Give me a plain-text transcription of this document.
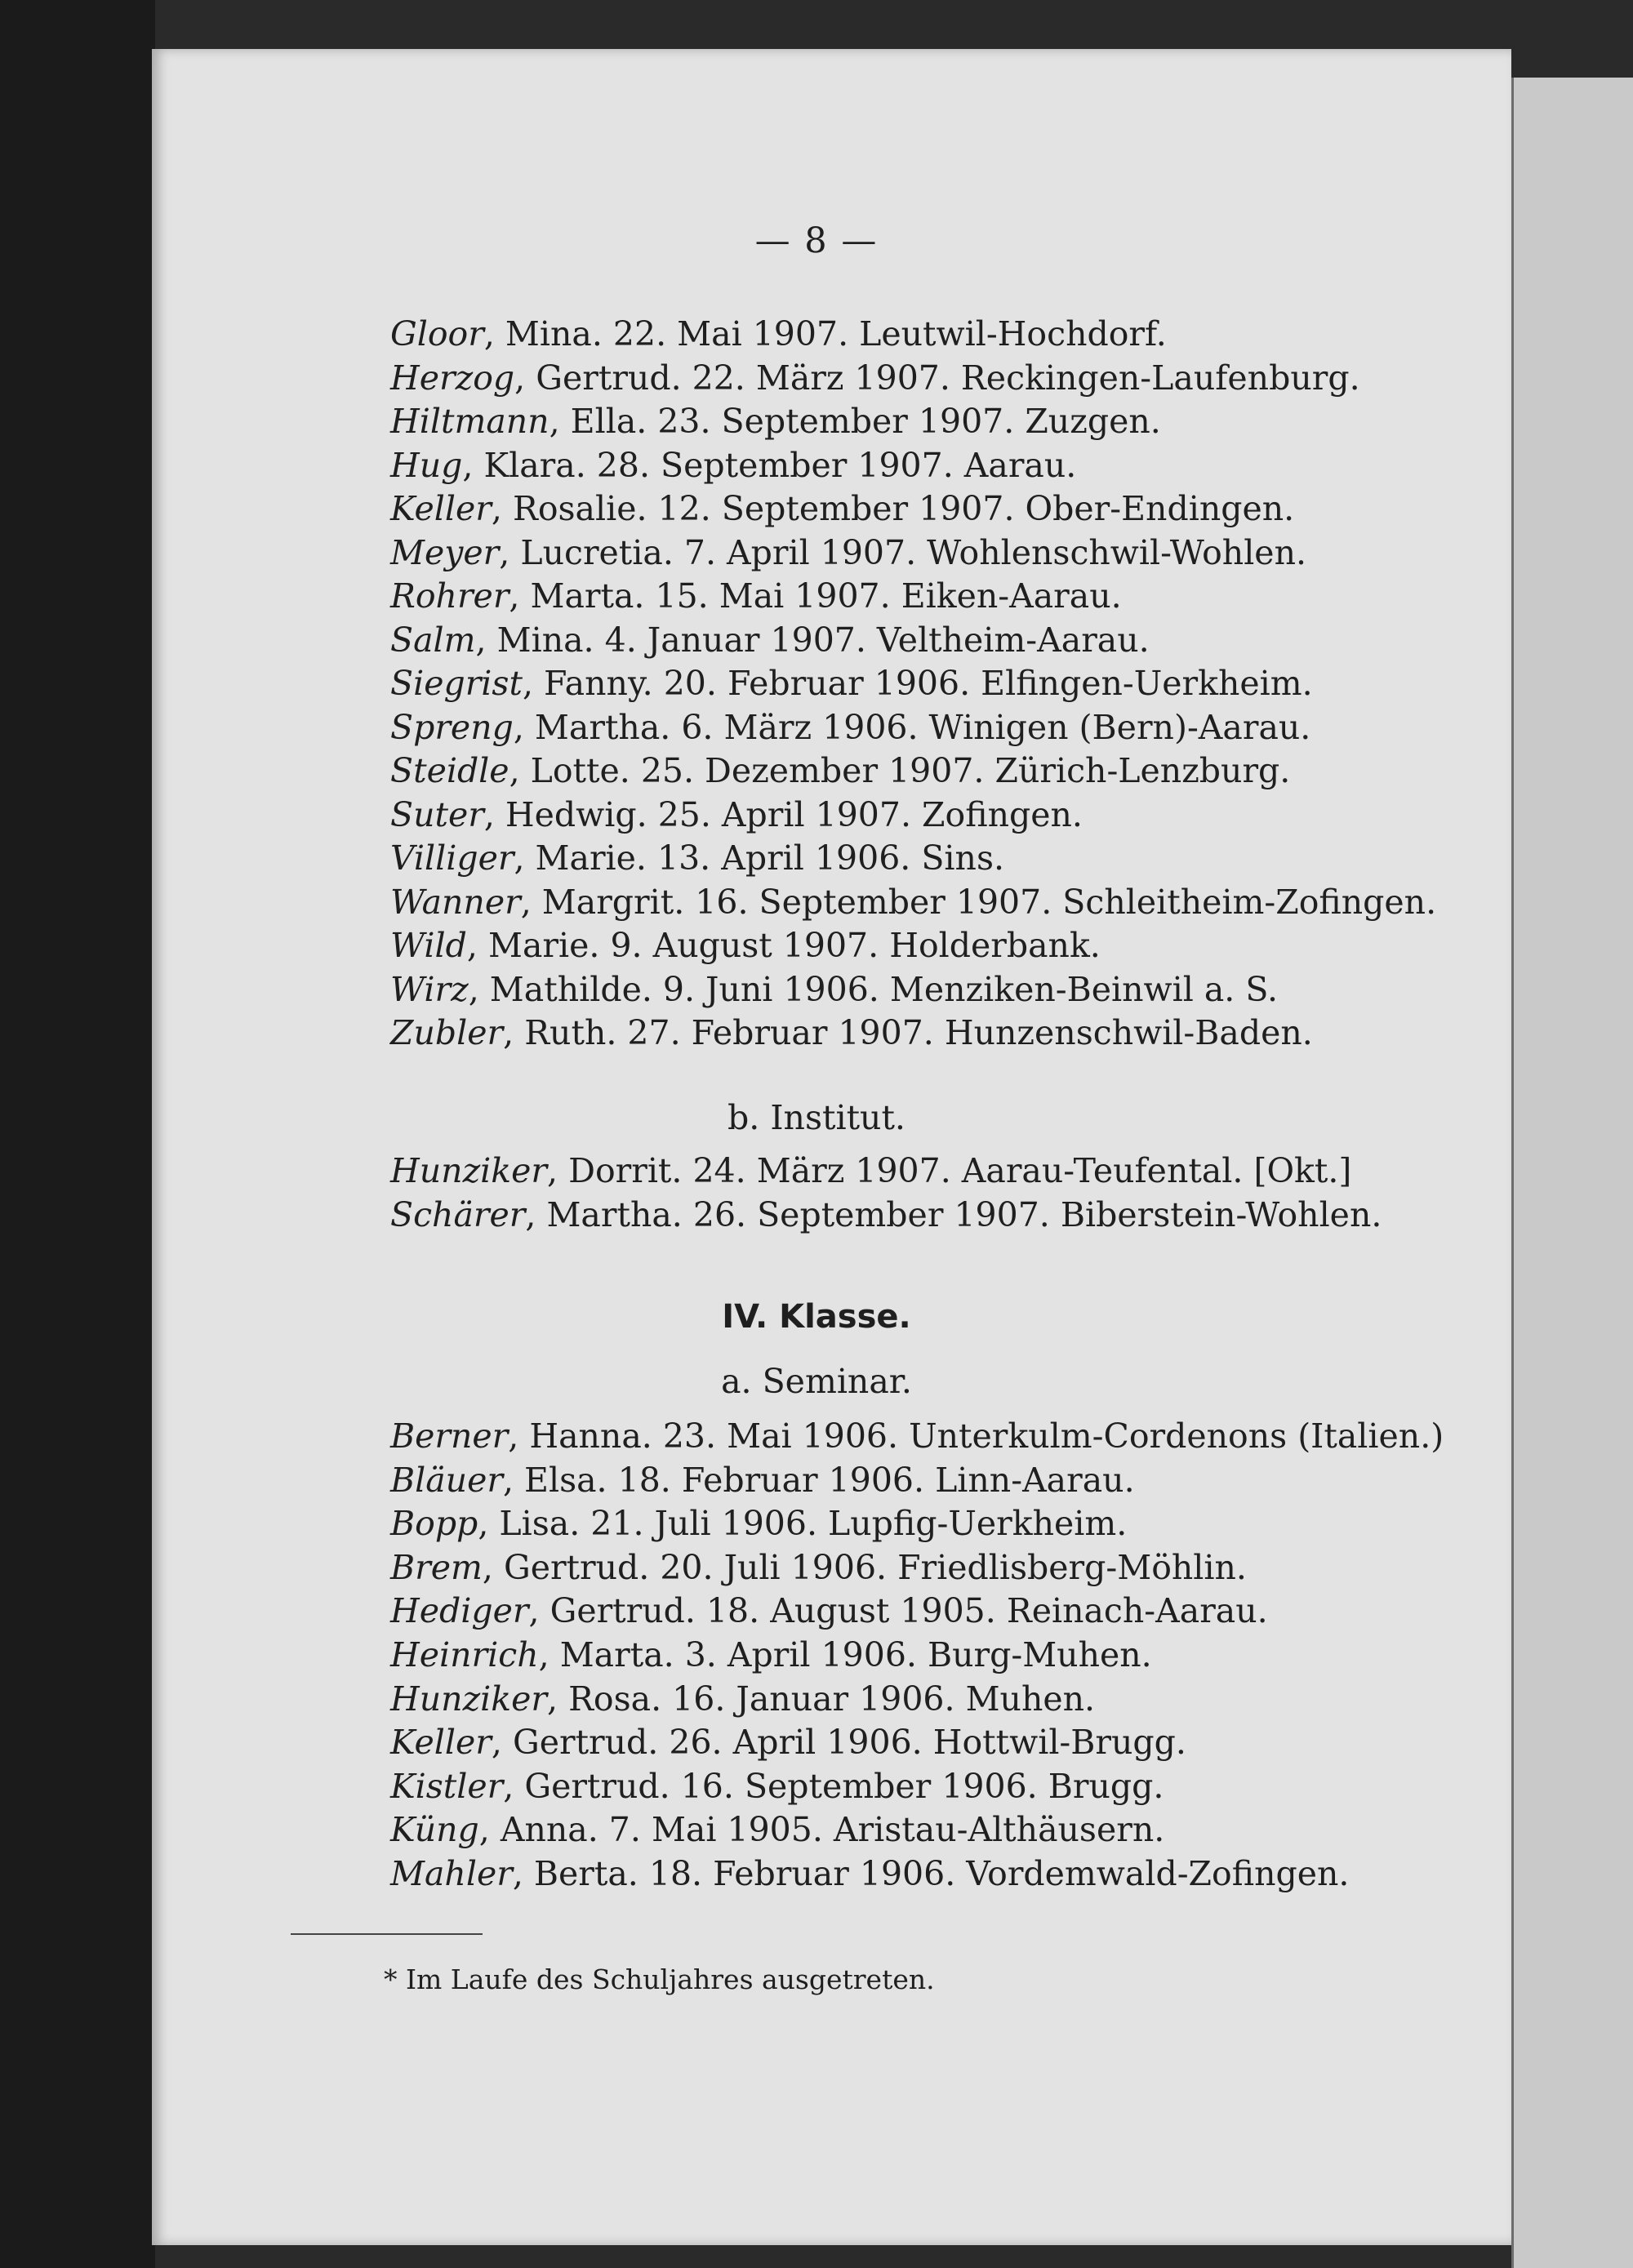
— 8 —
Gloor, Mina. 22. Mai 1907. Leutwil-Hochdorf.
Herzog, Gertrud. 22. März 1907. Reckingen-Laufenburg.
Hiltmann, Ella. 23. September 1907. Zuzgen.
Hug, Klara. 28. September 1907. Aarau.
Keller, Rosalie. 12. September 1907. Ober-Endingen.
Meyer, Lucretia. 7. April 1907. Wohlenschwil-Wohlen.
Rohrer, Marta. 15. Mai 1907. Eiken-Aarau.
Salm, Mina. 4. Januar 1907. Veltheim-Aarau.
Siegrist, Fanny. 20. Februar 1906. Elfingen-Uerkheim.
Spreng, Martha. 6. März 1906. Winigen (Bern)-Aarau.
Steidle, Lotte. 25. Dezember 1907. Zürich-Lenzburg.
Suter, Hedwig. 25. April 1907. Zofingen.
Villiger, Marie. 13. April 1906. Sins.
Wanner, Margrit. 16. September 1907. Schleitheim-Zofingen.
Wild, Marie. 9. August 1907. Holderbank.
Wirz, Mathilde. 9. Juni 1906. Menziken-Beinwil a. S.
Zubler, Ruth. 27. Februar 1907. Hunzenschwil-Baden.
b. Institut.
Hunziker, Dorrit. 24. März 1907. Aarau-Teufental. [Okt.]
Schärer, Martha. 26. September 1907. Biberstein-Wohlen.
IV. Klasse.
a. Seminar.
Berner, Hanna. 23. Mai 1906. Unterkulm-Cordenons (Italien.)
Bläuer, Elsa. 18. Februar 1906. Linn-Aarau.
Bopp, Lisa. 21. Juli 1906. Lupfig-Uerkheim.
Brem, Gertrud. 20. Juli 1906. Friedlisberg-Möhlin.
Hediger, Gertrud. 18. August 1905. Reinach-Aarau.
Heinrich, Marta. 3. April 1906. Burg-Muhen.
Hunziker, Rosa. 16. Januar 1906. Muhen.
Keller, Gertrud. 26. April 1906. Hottwil-Brugg.
Kistler, Gertrud. 16. September 1906. Brugg.
Küng, Anna. 7. Mai 1905. Aristau-Althäusern.
Mahler, Berta. 18. Februar 1906. Vordemwald-Zofingen.
* Im Laufe des Schuljahres ausgetreten.
